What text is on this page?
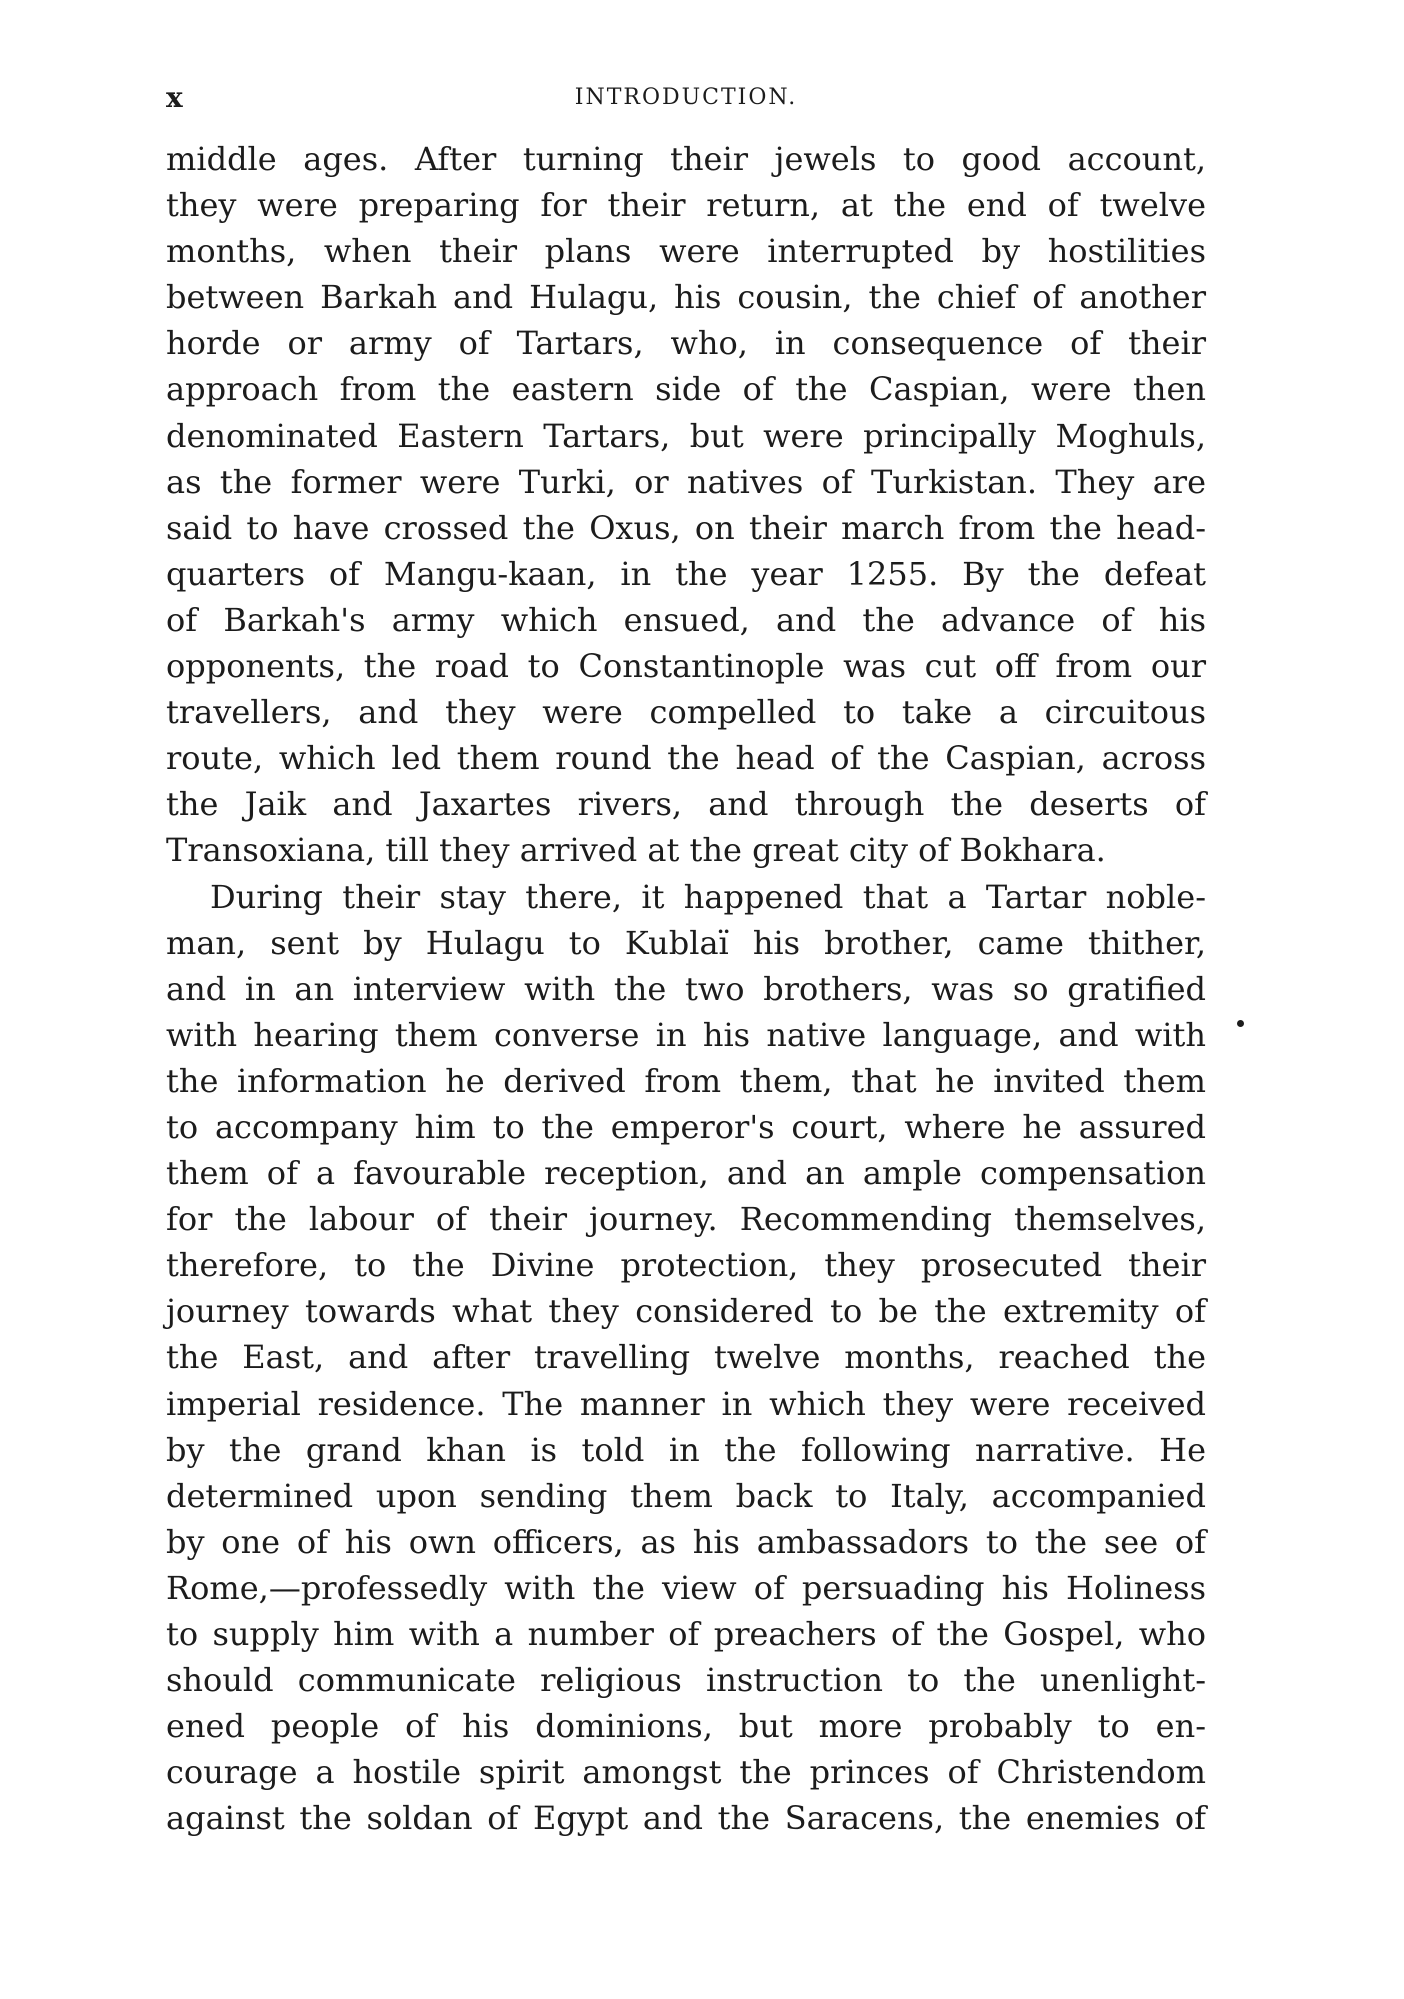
x	INTRODUCTION.
middle ages. After turning their jewels to good account,
they were preparing for their return, at the end of twelve
months, when their plans were interrupted by hostilities
between Barkah and Hulagu, his cousin, the chief of another
horde or army of Tartars, who, in consequence of their
approach from the eastern side of the Caspian, were then
denominated Eastern Tartars, but were principally Moghuls,
as the former were Turki, or natives of Turkistan. They are
said to have crossed the Oxus, on their march from the head-
quarters of Mangu-kaan, in the year 1255. By the defeat
of Barkah's army which ensued, and the advance of his
opponents, the road to Constantinople was cut off from our
travellers, and they were compelled to take a circuitous
route, which led them round the head of the Caspian, across
the Jaik and Jaxartes rivers, and through the deserts of
Transoxiana, till they arrived at the great city of Bokhara.
During their stay there, it happened that a Tartar noble-
man, sent by Hulagu to Kublaï his brother, came thither,
and in an interview with the two brothers, was so gratified
with hearing them converse in his native language, and with
the information he derived from them, that he invited them
to accompany him to the emperor's court, where he assured
them of a favourable reception, and an ample compensation
for the labour of their journey. Recommending themselves,
therefore, to the Divine protection, they prosecuted their
journey towards what they considered to be the extremity of
the East, and after travelling twelve months, reached the
imperial residence. The manner in which they were received
by the grand khan is told in the following narrative. He
determined upon sending them back to Italy, accompanied
by one of his own officers, as his ambassadors to the see of
Rome,—professedly with the view of persuading his Holiness
to supply him with a number of preachers of the Gospel, who
should communicate religious instruction to the unenlight-
ened people of his dominions, but more probably to en-
courage a hostile spirit amongst the princes of Christendom
against the soldan of Egypt and the Saracens, the enemies of
